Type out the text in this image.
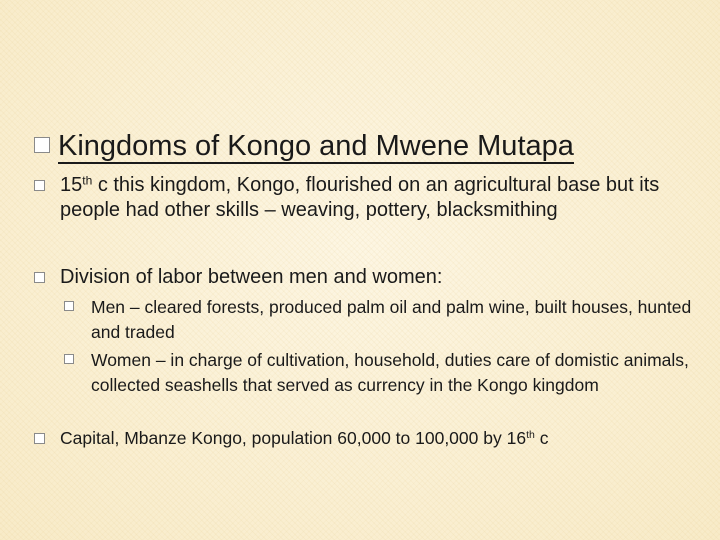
Kingdoms of Kongo and Mwene Mutapa
15th c this kingdom, Kongo, flourished on an agricultural base but its people had other skills – weaving, pottery, blacksmithing
Division of labor between men and women:
Men – cleared forests, produced palm oil and palm wine, built houses, hunted and traded
Women – in charge of cultivation, household, duties care of domistic animals, collected seashells that served as currency in the Kongo kingdom
Capital, Mbanze Kongo, population 60,000 to 100,000 by 16th c
